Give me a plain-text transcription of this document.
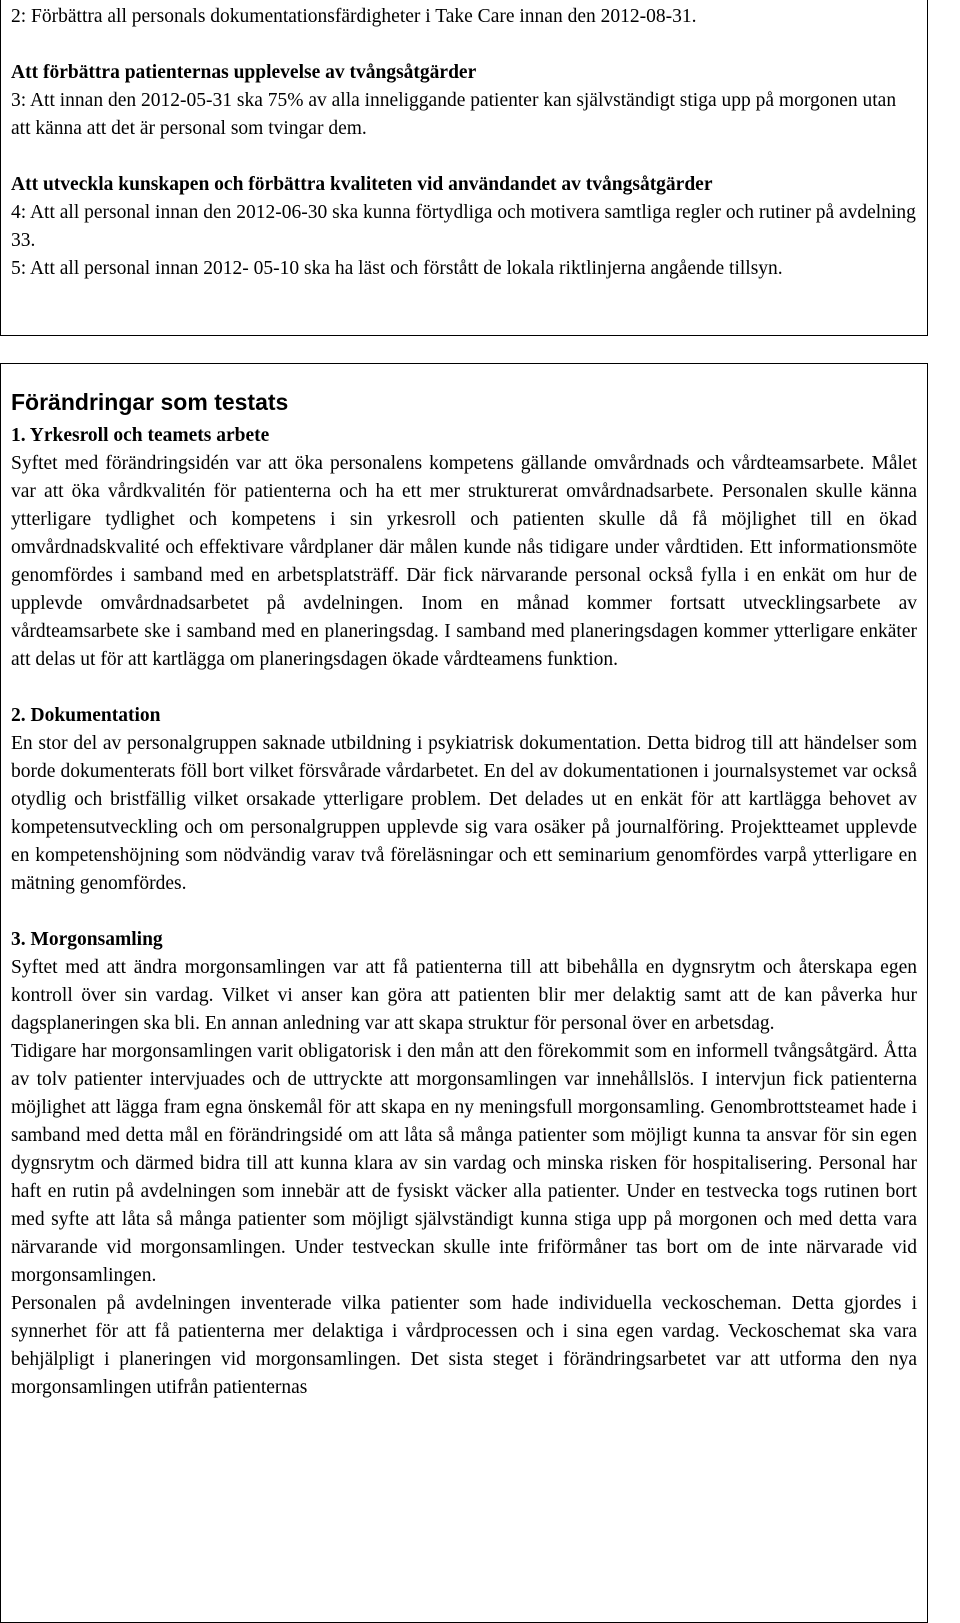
2: Förbättra all personals dokumentationsfärdigheter i Take Care innan den 2012-08-31.

Att förbättra patienternas upplevelse av tvångsåtgärder

3: Att innan den 2012-05-31 ska 75% av alla inneliggande patienter kan självständigt stiga upp på morgonen utan att känna att det är personal som tvingar dem.

Att utveckla kunskapen och förbättra kvaliteten vid användandet av tvångsåtgärder

4: Att all personal innan den 2012-06-30 ska kunna förtydliga och motivera samtliga regler och rutiner på avdelning 33.

5: Att all personal innan 2012- 05-10 ska ha läst och förstått de lokala riktlinjerna angående tillsyn.

Förändringar som testats

1. Yrkesroll och teamets arbete

Syftet med förändringsidén var att öka personalens kompetens gällande omvårdnads och vårdteamsarbete. Målet var att öka vårdkvalitén för patienterna och ha ett mer strukturerat omvårdnadsarbete. Personalen skulle känna ytterligare tydlighet och kompetens i sin yrkesroll och patienten skulle då få möjlighet till en ökad omvårdnadskvalité och effektivare vårdplaner där målen kunde nås tidigare under vårdtiden. Ett informationsmöte genomfördes i samband med en arbetsplatsträff. Där fick närvarande personal också fylla i en enkät om hur de upplevde omvårdnadsarbetet på avdelningen. Inom en månad kommer fortsatt utvecklingsarbete av vårdteamsarbete ske i samband med en planeringsdag. I samband med planeringsdagen kommer ytterligare enkäter att delas ut för att kartlägga om planeringsdagen ökade vårdteamens funktion.

2. Dokumentation

En stor del av personalgruppen saknade utbildning i psykiatrisk dokumentation. Detta bidrog till att händelser som borde dokumenterats föll bort vilket försvårade vårdarbetet. En del av dokumentationen i journalsystemet var också otydlig och bristfällig vilket orsakade ytterligare problem. Det delades ut en enkät för att kartlägga behovet av kompetensutveckling och om personalgruppen upplevde sig vara osäker på journalföring. Projektteamet upplevde en kompetenshöjning som nödvändig varav två föreläsningar och ett seminarium genomfördes varpå ytterligare en mätning genomfördes.

3. Morgonsamling

Syftet med att ändra morgonsamlingen var att få patienterna till att bibehålla en dygnsrytm och återskapa egen kontroll över sin vardag. Vilket vi anser kan göra att patienten blir mer delaktig samt att de kan påverka hur dagsplaneringen ska bli. En annan anledning var att skapa struktur för personal över en arbetsdag.

Tidigare har morgonsamlingen varit obligatorisk i den mån att den förekommit som en informell tvångsåtgärd. Åtta av tolv patienter intervjuades och de uttryckte att morgonsamlingen var innehållslös. I intervjun fick patienterna möjlighet att lägga fram egna önskemål för att skapa en ny meningsfull morgonsamling. Genombrottsteamet hade i samband med detta mål en förändringsidé om att låta så många patienter som möjligt kunna ta ansvar för sin egen dygnsrytm och därmed bidra till att kunna klara av sin vardag och minska risken för hospitalisering. Personal har haft en rutin på avdelningen som innebär att de fysiskt väcker alla patienter. Under en testvecka togs rutinen bort med syfte att låta så många patienter som möjligt självständigt kunna stiga upp på morgonen och med detta vara närvarande vid morgonsamlingen. Under testveckan skulle inte friförmåner tas bort om de inte närvarade vid morgonsamlingen.

Personalen på avdelningen inventerade vilka patienter som hade individuella veckoscheman. Detta gjordes i synnerhet för att få patienterna mer delaktiga i vårdprocessen och i sina egen vardag. Veckoschemat ska vara behjälpligt i planeringen vid morgonsamlingen. Det sista steget i förändringsarbetet var att utforma den nya morgonsamlingen utifrån patienternas
